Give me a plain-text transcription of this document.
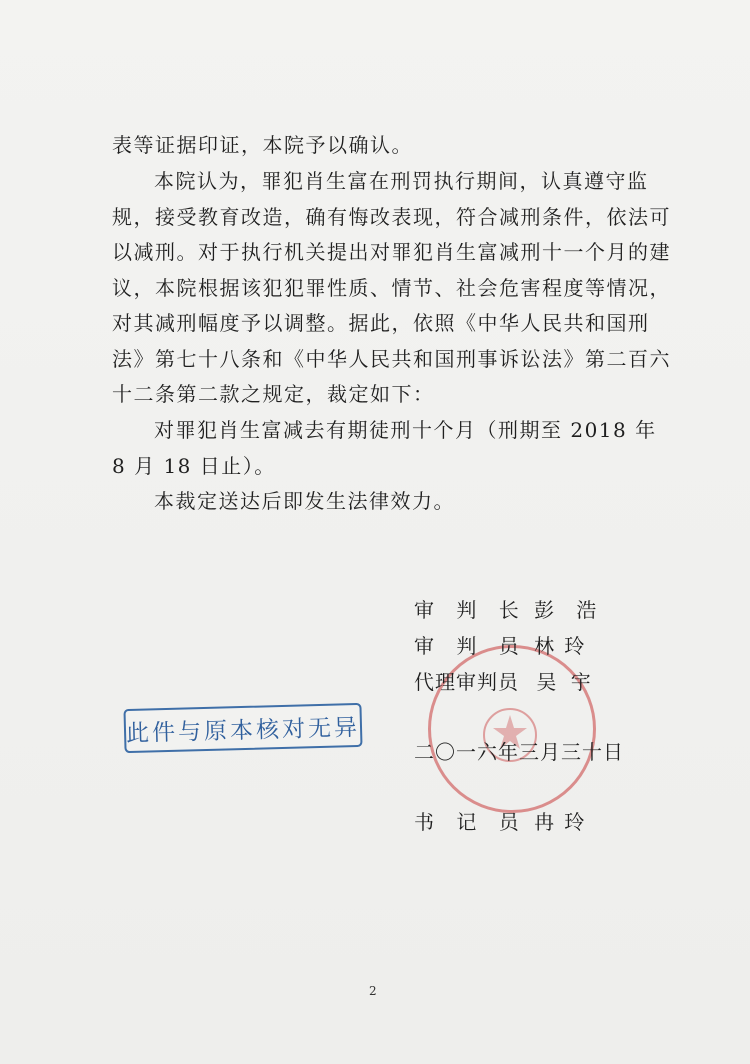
表等证据印证，本院予以确认。
本院认为，罪犯肖生富在刑罚执行期间，认真遵守监规，接受教育改造，确有悔改表现，符合减刑条件，依法可以减刑。对于执行机关提出对罪犯肖生富减刑十一个月的建议，本院根据该犯犯罪性质、情节、社会危害程度等情况，对其减刑幅度予以调整。据此，依照《中华人民共和国刑法》第七十八条和《中华人民共和国刑事诉讼法》第二百六十二条第二款之规定，裁定如下：
对罪犯肖生富减去有期徒刑十个月（刑期至 2018 年 8 月 18 日止）。
本裁定送达后即发生法律效力。
审 判 长 彭 浩
审 判 员 林 玲
代理审判员 吴 宇
二〇一六年三月三十日
书 记 员 冉 玲
此件与原本核对无异
2
